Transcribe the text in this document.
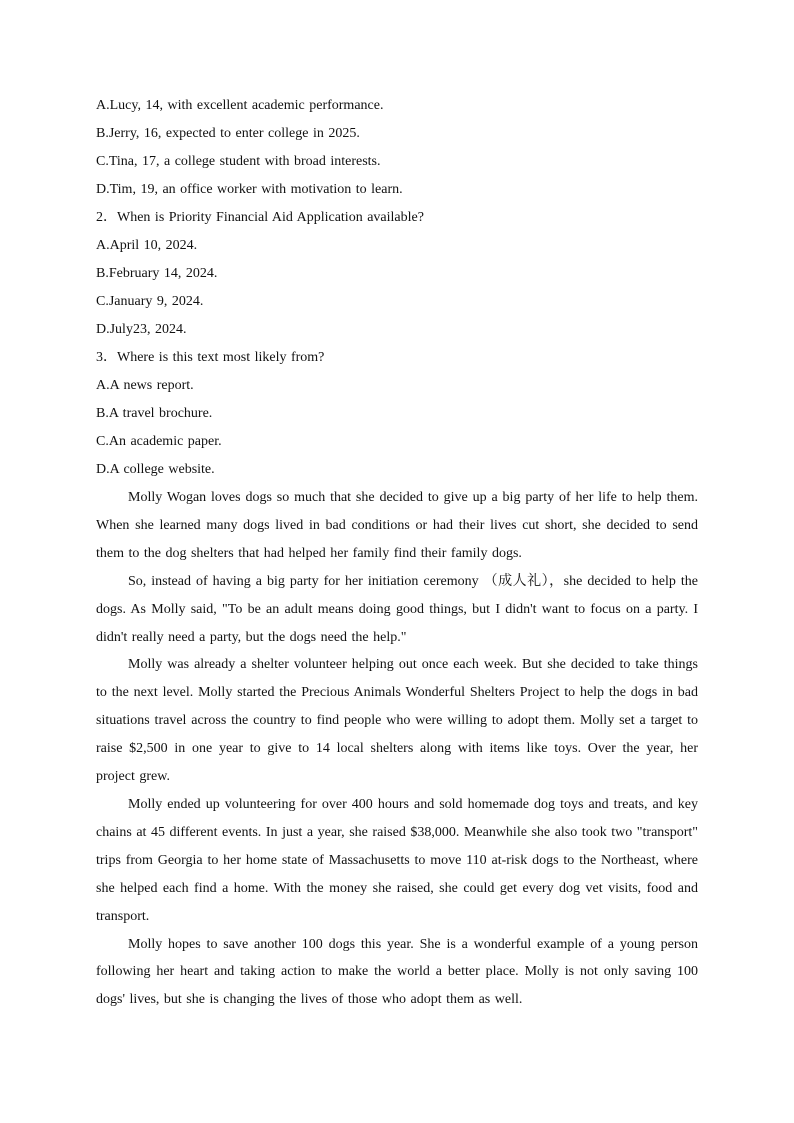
A.Lucy, 14, with excellent academic performance.
B.Jerry, 16, expected to enter college in 2025.
C.Tina, 17, a college student with broad interests.
D.Tim, 19, an office worker with motivation to learn.
2．When is Priority Financial Aid Application available?
A.April 10, 2024.
B.February 14, 2024.
C.January 9, 2024.
D.July23, 2024.
3．Where is this text most likely from?
A.A news report.
B.A travel brochure.
C.An academic paper.
D.A college website.

Molly Wogan loves dogs so much that she decided to give up a big party of her life to help them. When she learned many dogs lived in bad conditions or had their lives cut short, she decided to send them to the dog shelters that had helped her family find their family dogs.

So, instead of having a big party for her initiation ceremony （成人礼），she decided to help the dogs. As Molly said, "To be an adult means doing good things, but I didn't want to focus on a party. I didn't really need a party, but the dogs need the help."

Molly was already a shelter volunteer helping out once each week. But she decided to take things to the next level. Molly started the Precious Animals Wonderful Shelters Project to help the dogs in bad situations travel across the country to find people who were willing to adopt them. Molly set a target to raise $2,500 in one year to give to 14 local shelters along with items like toys. Over the year, her project grew.

Molly ended up volunteering for over 400 hours and sold homemade dog toys and treats, and key chains at 45 different events. In just a year, she raised $38,000. Meanwhile she also took two "transport" trips from Georgia to her home state of Massachusetts to move 110 at-risk dogs to the Northeast, where she helped each find a home. With the money she raised, she could get every dog vet visits, food and transport.

Molly hopes to save another 100 dogs this year. She is a wonderful example of a young person following her heart and taking action to make the world a better place. Molly is not only saving 100 dogs' lives, but she is changing the lives of those who adopt them as well.
